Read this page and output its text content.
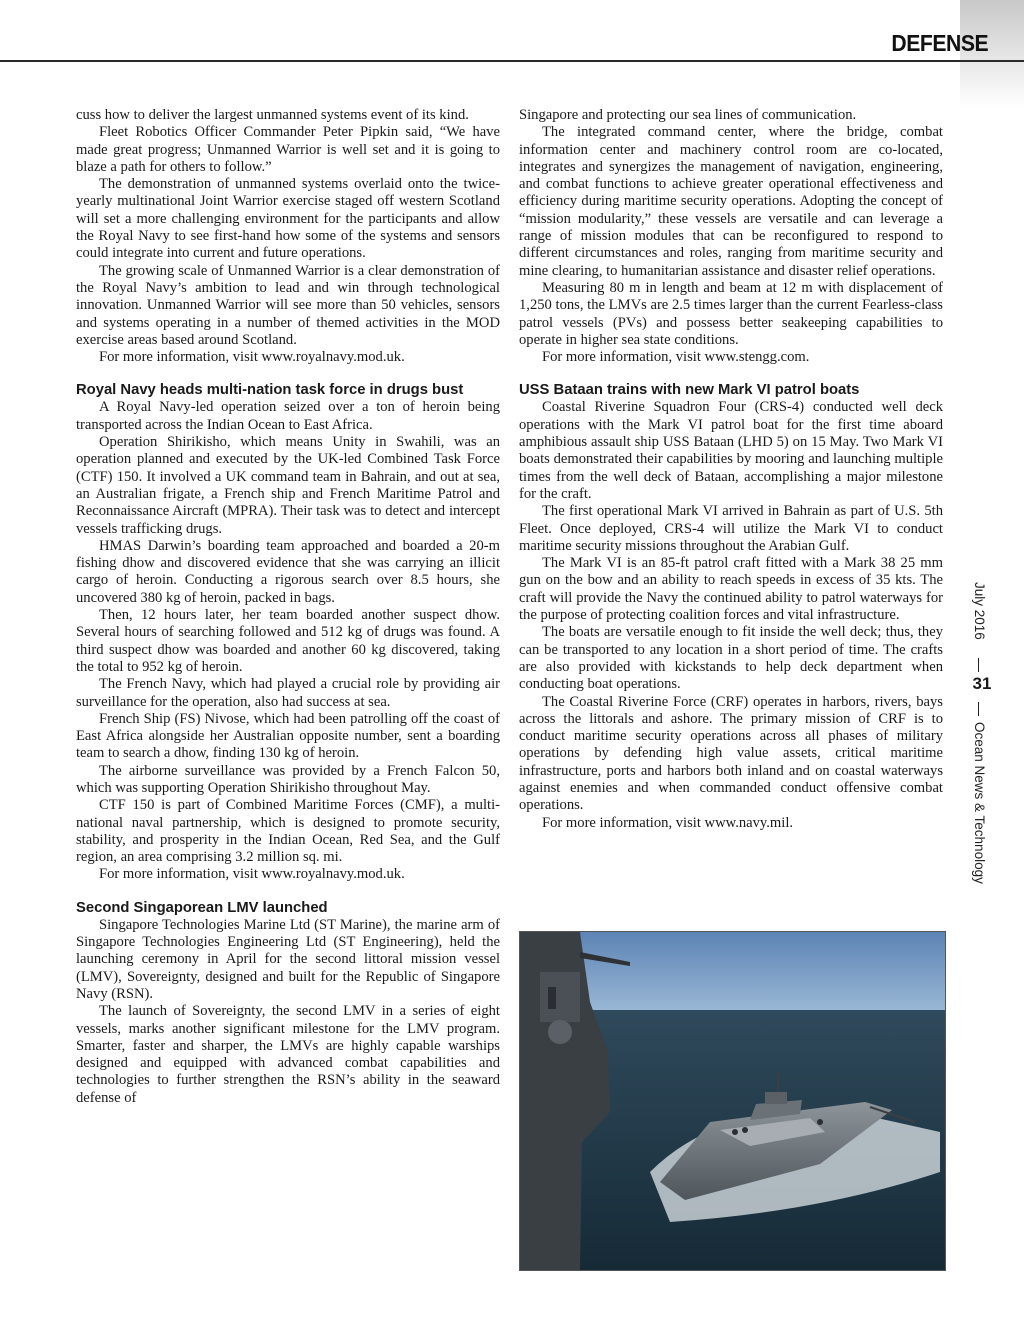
DEFENSE

cuss how to deliver the largest unmanned systems event of its kind.

Fleet Robotics Officer Commander Peter Pipkin said, “We have made great progress; Unmanned Warrior is well set and it is going to blaze a path for others to follow.”

The demonstration of unmanned systems overlaid onto the twice-yearly multinational Joint Warrior exercise staged off western Scotland will set a more challenging environment for the participants and allow the Royal Navy to see first-hand how some of the systems and sensors could integrate into current and future operations.

The growing scale of Unmanned Warrior is a clear demonstration of the Royal Navy’s ambition to lead and win through technological innovation. Unmanned Warrior will see more than 50 vehicles, sensors and systems operating in a number of themed activities in the MOD exercise areas based around Scotland.

For more information, visit www.royalnavy.mod.uk.

Royal Navy heads multi-nation task force in drugs bust

A Royal Navy-led operation seized over a ton of heroin being transported across the Indian Ocean to East Africa.

Operation Shirikisho, which means Unity in Swahili, was an operation planned and executed by the UK-led Combined Task Force (CTF) 150. It involved a UK command team in Bahrain, and out at sea, an Australian frigate, a French ship and French Maritime Patrol and Reconnaissance Aircraft (MPRA). Their task was to detect and intercept vessels trafficking drugs.

HMAS Darwin’s boarding team approached and boarded a 20-m fishing dhow and discovered evidence that she was carrying an illicit cargo of heroin. Conducting a rigorous search over 8.5 hours, she uncovered 380 kg of heroin, packed in bags.

Then, 12 hours later, her team boarded another suspect dhow. Several hours of searching followed and 512 kg of drugs was found. A third suspect dhow was boarded and another 60 kg discovered, taking the total to 952 kg of heroin.

The French Navy, which had played a crucial role by providing air surveillance for the operation, also had success at sea.

French Ship (FS) Nivose, which had been patrolling off the coast of East Africa alongside her Australian opposite number, sent a boarding team to search a dhow, finding 130 kg of heroin.

The airborne surveillance was provided by a French Falcon 50, which was supporting Operation Shirikisho throughout May.

CTF 150 is part of Combined Maritime Forces (CMF), a multi-national naval partnership, which is designed to promote security, stability, and prosperity in the Indian Ocean, Red Sea, and the Gulf region, an area comprising 3.2 million sq. mi.

For more information, visit www.royalnavy.mod.uk.

Second Singaporean LMV launched

Singapore Technologies Marine Ltd (ST Marine), the marine arm of Singapore Technologies Engineering Ltd (ST Engineering), held the launching ceremony in April for the second littoral mission vessel (LMV), Sovereignty, designed and built for the Republic of Singapore Navy (RSN).

The launch of Sovereignty, the second LMV in a series of eight vessels, marks another significant milestone for the LMV program. Smarter, faster and sharper, the LMVs are highly capable warships designed and equipped with advanced combat capabilities and technologies to further strengthen the RSN’s ability in the seaward defense of

Singapore and protecting our sea lines of communication.

The integrated command center, where the bridge, combat information center and machinery control room are co-located, integrates and synergizes the management of navigation, engineering, and combat functions to achieve greater operational effectiveness and efficiency during maritime security operations. Adopting the concept of “mission modularity,” these vessels are versatile and can leverage a range of mission modules that can be reconfigured to respond to different circumstances and roles, ranging from maritime security and mine clearing, to humanitarian assistance and disaster relief operations.

Measuring 80 m in length and beam at 12 m with displacement of 1,250 tons, the LMVs are 2.5 times larger than the current Fearless-class patrol vessels (PVs) and possess better seakeeping capabilities to operate in higher sea state conditions.

For more information, visit www.stengg.com.

USS Bataan trains with new Mark VI patrol boats

Coastal Riverine Squadron Four (CRS-4) conducted well deck operations with the Mark VI patrol boat for the first time aboard amphibious assault ship USS Bataan (LHD 5) on 15 May. Two Mark VI boats demonstrated their capabilities by mooring and launching multiple times from the well deck of Bataan, accomplishing a major milestone for the craft.

The first operational Mark VI arrived in Bahrain as part of U.S. 5th Fleet. Once deployed, CRS-4 will utilize the Mark VI to conduct maritime security missions throughout the Arabian Gulf.

The Mark VI is an 85-ft patrol craft fitted with a Mark 38 25 mm gun on the bow and an ability to reach speeds in excess of 35 kts. The craft will provide the Navy the continued ability to patrol waterways for the purpose of protecting coalition forces and vital infrastructure.

The boats are versatile enough to fit inside the well deck; thus, they can be transported to any location in a short period of time. The crafts are also provided with kickstands to help deck department when conducting boat operations.

The Coastal Riverine Force (CRF) operates in harbors, rivers, bays across the littorals and ashore. The primary mission of CRF is to conduct maritime security operations across all phases of military operations by defending high value assets, critical maritime infrastructure, ports and harbors both inland and on coastal waterways against enemies and when commanded conduct offensive combat operations.

For more information, visit www.navy.mil.

July 2016
31
Ocean News & Technology
